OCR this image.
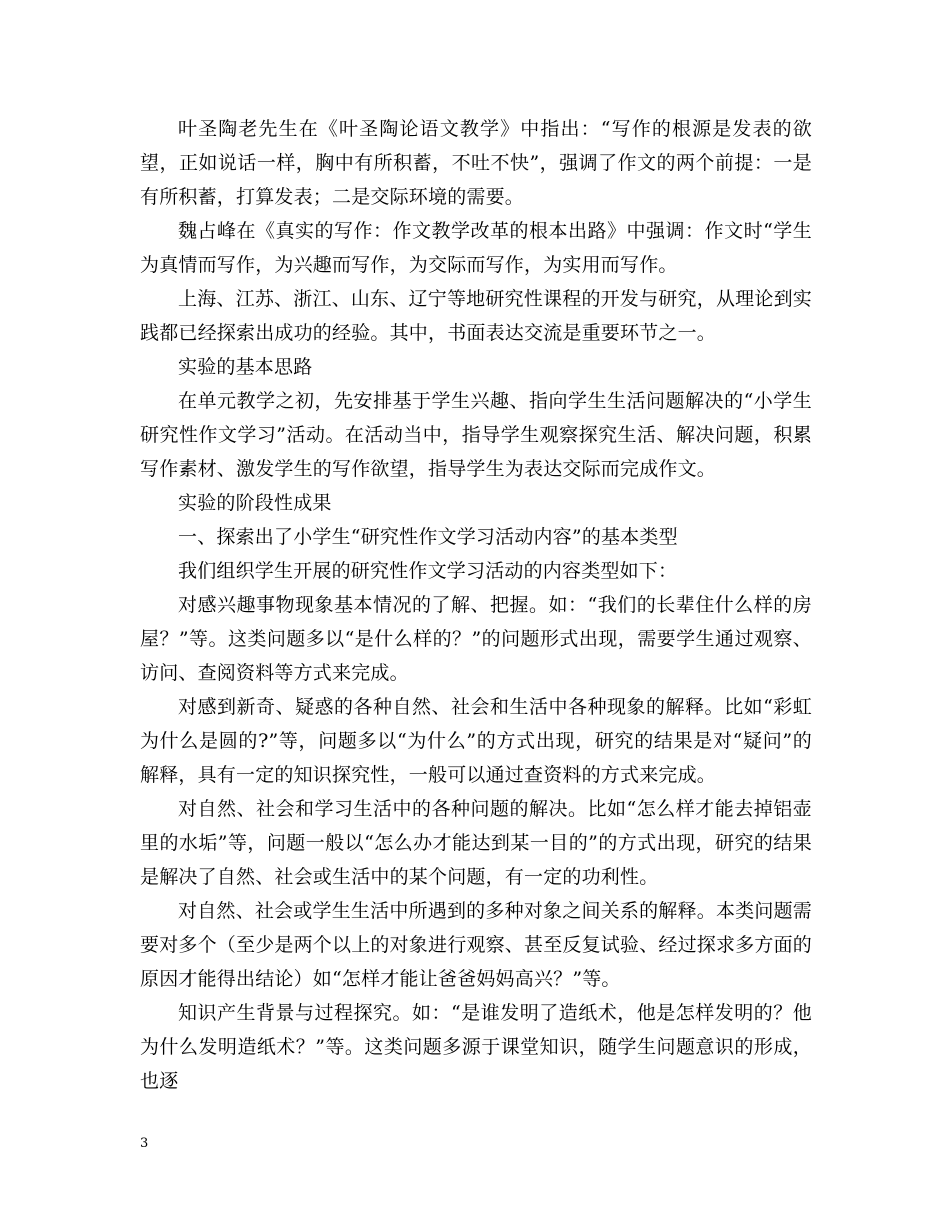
叶圣陶老先生在《叶圣陶论语文教学》中指出：“写作的根源是发表的欲望，正如说话一样，胸中有所积蓄，不吐不快”，强调了作文的两个前提：一是有所积蓄，打算发表；二是交际环境的需要。

魏占峰在《真实的写作：作文教学改革的根本出路》中强调：作文时“学生为真情而写作，为兴趣而写作，为交际而写作，为实用而写作。

上海、江苏、浙江、山东、辽宁等地研究性课程的开发与研究，从理论到实践都已经探索出成功的经验。其中，书面表达交流是重要环节之一。

实验的基本思路

在单元教学之初，先安排基于学生兴趣、指向学生生活问题解决的“小学生研究性作文学习”活动。在活动当中，指导学生观察探究生活、解决问题，积累写作素材、激发学生的写作欲望，指导学生为表达交际而完成作文。

实验的阶段性成果

一、探索出了小学生“研究性作文学习活动内容”的基本类型

我们组织学生开展的研究性作文学习活动的内容类型如下：

对感兴趣事物现象基本情况的了解、把握。如：“我们的长辈住什么样的房屋？”等。这类问题多以“是什么样的？”的问题形式出现，需要学生通过观察、访问、查阅资料等方式来完成。

对感到新奇、疑惑的各种自然、社会和生活中各种现象的解释。比如“彩虹为什么是圆的?”等，问题多以“为什么”的方式出现，研究的结果是对“疑问”的解释，具有一定的知识探究性，一般可以通过查资料的方式来完成。

对自然、社会和学习生活中的各种问题的解决。比如“怎么样才能去掉铝壶里的水垢”等，问题一般以“怎么办才能达到某一目的”的方式出现，研究的结果是解决了自然、社会或生活中的某个问题，有一定的功利性。

对自然、社会或学生生活中所遇到的多种对象之间关系的解释。本类问题需要对多个（至少是两个以上的对象进行观察、甚至反复试验、经过探求多方面的原因才能得出结论）如“怎样才能让爸爸妈妈高兴？”等。

知识产生背景与过程探究。如：“是谁发明了造纸术，他是怎样发明的？他为什么发明造纸术？”等。这类问题多源于课堂知识，随学生问题意识的形成，也逐

3
